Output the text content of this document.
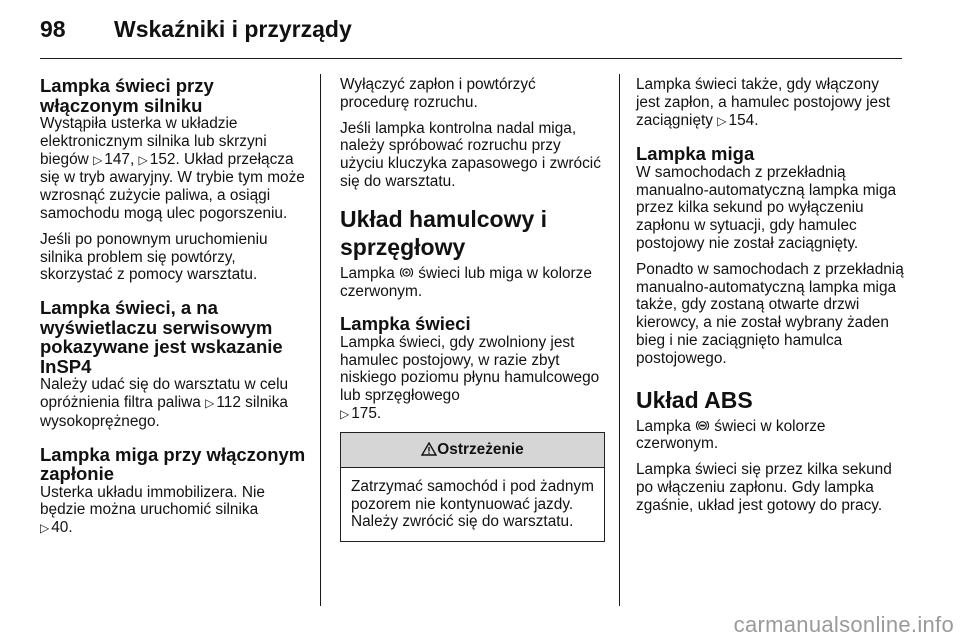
98 Wskaźniki i przyrządy
Lampka świeci przy włączonym silniku

Wystąpiła usterka w układzie elektronicznym silnika lub skrzyni biegów ▷ 147, ▷ 152. Układ przełącza się w tryb awaryjny. W trybie tym może wzrosnąć zużycie paliwa, a osiągi samochodu mogą ulec pogorszeniu.

Jeśli po ponownym uruchomieniu silnika problem się powtórzy, skorzystać z pomocy warsztatu.

Lampka świeci, a na wyświetlaczu serwisowym pokazywane jest wskazanie InSP4

Należy udać się do warsztatu w celu opróżnienia filtra paliwa ▷ 112 silnika wysokoprężnego.

Lampka miga przy włączonym zapłonie

Usterka układu immobilizera. Nie będzie można uruchomić silnika
▷ 40.

Wyłączyć zapłon i powtórzyć procedurę rozruchu.

Jeśli lampka kontrolna nadal miga, należy spróbować rozruchu przy użyciu kluczyka zapasowego i zwrócić się do warsztatu.

Układ hamulcowy i sprzęgłowy

Lampka  świeci lub miga w kolorze czerwonym.

Lampka świeci

Lampka świeci, gdy zwolniony jest hamulec postojowy, w razie zbyt niskiego poziomu płynu hamulcowego lub sprzęgłowego
▷ 175.

Ostrzeżenie
Zatrzymać samochód i pod żadnym pozorem nie kontynuować jazdy. Należy zwrócić się do warsztatu.

Lampka świeci także, gdy włączony jest zapłon, a hamulec postojowy jest zaciągnięty ▷ 154.

Lampka miga

W samochodach z przekładnią manualno-automatyczną lampka miga przez kilka sekund po wyłączeniu zapłonu w sytuacji, gdy hamulec postojowy nie został zaciągnięty.

Ponadto w samochodach z przekładnią manualno-automatyczną lampka miga także, gdy zostaną otwarte drzwi kierowcy, a nie został wybrany żaden bieg i nie zaciągnięto hamulca postojowego.

Układ ABS

Lampka  świeci w kolorze czerwonym.

Lampka świeci się przez kilka sekund po włączeniu zapłonu. Gdy lampka zgaśnie, układ jest gotowy do pracy.

carmanualsonline.info
